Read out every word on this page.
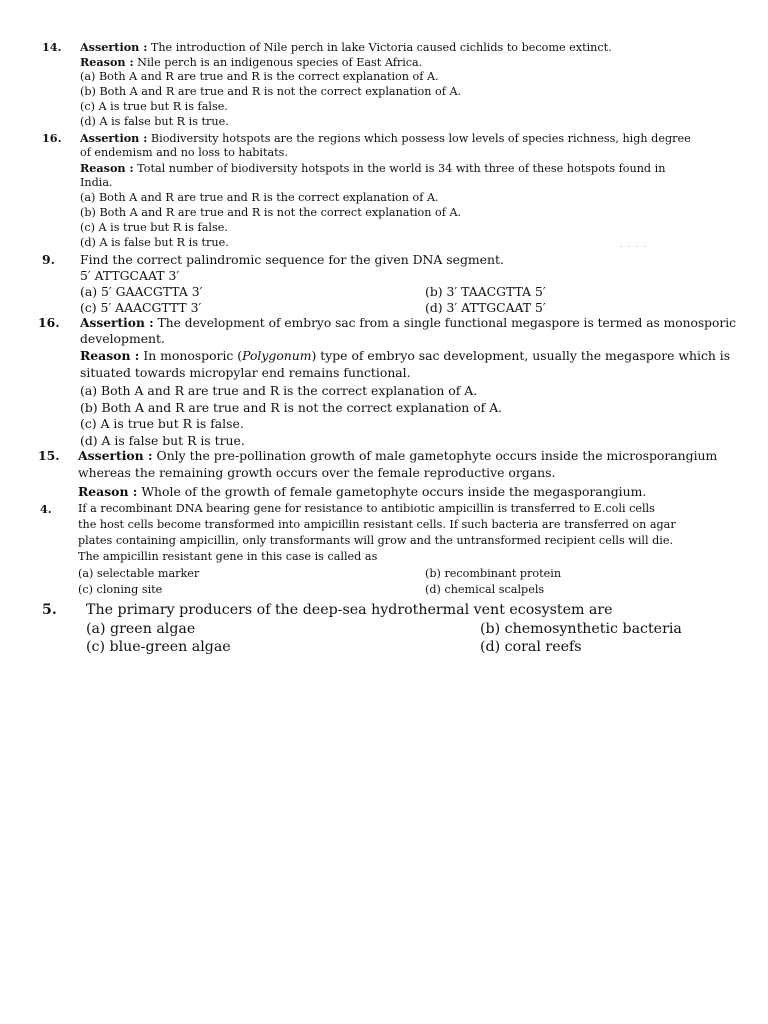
14. Assertion : The introduction of Nile perch in lake Victoria caused cichlids to become extinct.
Reason : Nile perch is an indigenous species of East Africa.
(a) Both A and R are true and R is the correct explanation of A.
(b) Both A and R are true and R is not the correct explanation of A.
(c) A is true but R is false.
(d) A is false but R is true.
16. Assertion : Biodiversity hotspots are the regions which possess low levels of species richness, high degree
of endemism and no loss to habitats.
Reason : Total number of biodiversity hotspots in the world is 34 with three of these hotspots found in
India.
(a) Both A and R are true and R is the correct explanation of A.
(b) Both A and R are true and R is not the correct explanation of A.
(c) A is true but R is false.
(d) A is false but R is true.	- - - -
9. Find the correct palindromic sequence for the given DNA segment.
5′ ATTGCAAT 3′
(a) 5′ GAACGTTA 3′	(b) 3′ TAACGTTA 5′
(c) 5′ AAACGTTT 3′	(d) 3′ ATTGCAAT 5′
16. Assertion : The development of embryo sac from a single functional megaspore is termed as monosporic
development.
Reason : In monosporic (Polygonum) type of embryo sac development, usually the megaspore which is
situated towards micropylar end remains functional.
(a) Both A and R are true and R is the correct explanation of A.
(b) Both A and R are true and R is not the correct explanation of A.
(c) A is true but R is false.
(d) A is false but R is true.
15. Assertion : Only the pre-pollination growth of male gametophyte occurs inside the microsporangium
whereas the remaining growth occurs over the female reproductive organs.
Reason : Whole of the growth of female gametophyte occurs inside the megasporangium.
4. If a recombinant DNA bearing gene for resistance to antibiotic ampicillin is transferred to E.coli cells
the host cells become transformed into ampicillin resistant cells. If such bacteria are transferred on agar
plates containing ampicillin, only transformants will grow and the untransformed recipient cells will die.
The ampicillin resistant gene in this case is called as
(a) selectable marker	(b) recombinant protein
(c) cloning site	(d) chemical scalpels
5. The primary producers of the deep-sea hydrothermal vent ecosystem are
(a) green algae	(b) chemosynthetic bacteria
(c) blue-green algae	(d) coral reefs
